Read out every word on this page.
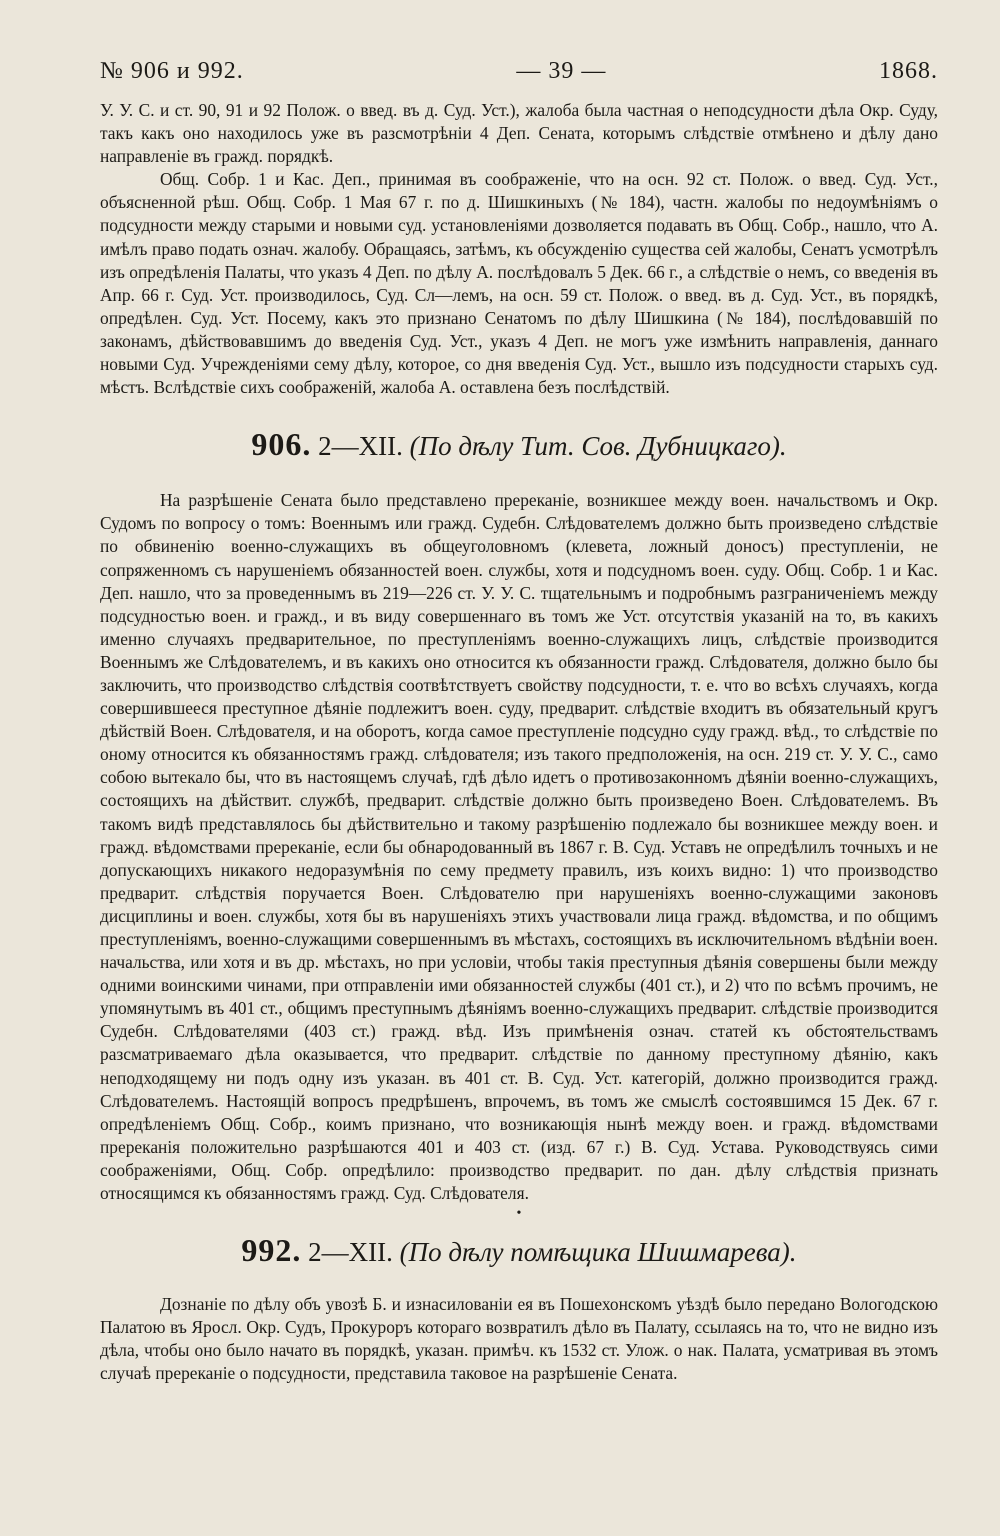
№ 906 и 992.	— 39 —	1868.

У. У. С. и ст. 90, 91 и 92 Полож. о введ. въ д. Суд. Уст.), жалоба была частная о неподсудности дѣла Окр. Суду, такъ какъ оно находилось уже въ разсмотрѣніи 4 Деп. Сената, которымъ слѣдствіе отмѣнено и дѣлу дано направленіе въ гражд. порядкѣ.

Общ. Собр. 1 и Кас. Деп., принимая въ соображеніе, что на осн. 92 ст. Полож. о введ. Суд. Уст., объясненной рѣш. Общ. Собр. 1 Мая 67 г. по д. Шишкиныхъ (№ 184), частн. жалобы по недоумѣніямъ о подсудности между старыми и новыми суд. установленіями дозволяется подавать въ Общ. Собр., нашло, что А. имѣлъ право подать означ. жалобу. Обращаясь, затѣмъ, къ обсужденію существа сей жалобы, Сенатъ усмотрѣлъ изъ опредѣленія Палаты, что указъ 4 Деп. по дѣлу А. послѣдовалъ 5 Дек. 66 г., а слѣдствіе о немъ, со введенія въ Апр. 66 г. Суд. Уст. производилось, Суд. Сл—лемъ, на осн. 59 ст. Полож. о введ. въ д. Суд. Уст., въ порядкѣ, опредѣлен. Суд. Уст. Посему, какъ это признано Сенатомъ по дѣлу Шишкина (№ 184), послѣдовавшій по законамъ, дѣйствовавшимъ до введенія Суд. Уст., указъ 4 Деп. не могъ уже измѣнить направленія, даннаго новыми Суд. Учрежденіями сему дѣлу, которое, со дня введенія Суд. Уст., вышло изъ подсудности старыхъ суд. мѣстъ. Вслѣдствіе сихъ соображеній, жалоба А. оставлена безъ послѣдствій.

906. 2—XII. (По дѣлу Тит. Сов. Дубницкаго).

На разрѣшеніе Сената было представлено пререканіе, возникшее между воен. начальствомъ и Окр. Судомъ по вопросу о томъ: Военнымъ или гражд. Судебн. Слѣдователемъ должно быть произведено слѣдствіе по обвиненію военно-служащихъ въ общеуголовномъ (клевета, ложный доносъ) преступленіи, не сопряженномъ съ нарушеніемъ обязанностей воен. службы, хотя и подсудномъ воен. суду. Общ. Собр. 1 и Кас. Деп. нашло, что за проведеннымъ въ 219—226 ст. У. У. С. тщательнымъ и подробнымъ разграниченіемъ между подсудностью воен. и гражд., и въ виду совершеннаго въ томъ же Уст. отсутствія указаній на то, въ какихъ именно случаяхъ предварительное, по преступленіямъ военно-служащихъ лицъ, слѣдствіе производится Военнымъ же Слѣдователемъ, и въ какихъ оно относится къ обязанности гражд. Слѣдователя, должно было бы заключить, что производство слѣдствія соотвѣтствуетъ свойству подсудности, т. е. что во всѣхъ случаяхъ, когда совершившееся преступное дѣяніе подлежитъ воен. суду, предварит. слѣдствіе входитъ въ обязательный кругъ дѣйствій Воен. Слѣдователя, и на оборотъ, когда самое преступленіе подсудно суду гражд. вѣд., то слѣдствіе по оному относится къ обязанностямъ гражд. слѣдователя; изъ такого предположенія, на осн. 219 ст. У. У. С., само собою вытекало бы, что въ настоящемъ случаѣ, гдѣ дѣло идетъ о противозаконномъ дѣяніи военно-служащихъ, состоящихъ на дѣйствит. службѣ, предварит. слѣдствіе должно быть произведено Воен. Слѣдователемъ. Въ такомъ видѣ представлялось бы дѣйствительно и такому разрѣшенію подлежало бы возникшее между воен. и гражд. вѣдомствами пререканіе, если бы обнародованный въ 1867 г. В. Суд. Уставъ не опредѣлилъ точныхъ и не допускающихъ никакого недоразумѣнія по сему предмету правилъ, изъ коихъ видно: 1) что производство предварит. слѣдствія поручается Воен. Слѣдователю при нарушеніяхъ военно-служащими законовъ дисциплины и воен. службы, хотя бы въ нарушеніяхъ этихъ участвовали лица гражд. вѣдомства, и по общимъ преступленіямъ, военно-служащими совершеннымъ въ мѣстахъ, состоящихъ въ исключительномъ вѣдѣніи воен. начальства, или хотя и въ др. мѣстахъ, но при условіи, чтобы такія преступныя дѣянія совершены были между одними воинскими чинами, при отправленіи ими обязанностей службы (401 ст.), и 2) что по всѣмъ прочимъ, не упомянутымъ въ 401 ст., общимъ преступнымъ дѣяніямъ военно-служащихъ предварит. слѣдствіе производится Судебн. Слѣдователями (403 ст.) гражд. вѣд. Изъ примѣненія означ. статей къ обстоятельствамъ разсматриваемаго дѣла оказывается, что предварит. слѣдствіе по данному преступному дѣянію, какъ неподходящему ни подъ одну изъ указан. въ 401 ст. В. Суд. Уст. категорій, должно производится гражд. Слѣдователемъ. Настоящій вопросъ предрѣшенъ, впрочемъ, въ томъ же смыслѣ состоявшимся 15 Дек. 67 г. опредѣленіемъ Общ. Собр., коимъ признано, что возникающія нынѣ между воен. и гражд. вѣдомствами пререканія положительно разрѣшаются 401 и 403 ст. (изд. 67 г.) В. Суд. Устава. Руководствуясь сими соображеніями, Общ. Собр. опредѣлило: производство предварит. по дан. дѣлу слѣдствія признать относящимся къ обязанностямъ гражд. Суд. Слѣдователя.

•
992. 2—XII. (По дѣлу помѣщика Шишмарева).

Дознаніе по дѣлу объ увозѣ Б. и изнасилованіи ея въ Пошехонскомъ уѣздѣ было передано Вологодскою Палатою въ Яросл. Окр. Судъ, Прокуроръ котораго возвратилъ дѣло въ Палату, ссылаясь на то, что не видно изъ дѣла, чтобы оно было начато въ порядкѣ, указан. примѣч. къ 1532 ст. Улож. о нак. Палата, усматривая въ этомъ случаѣ пререканіе о подсудности, представила таковое на разрѣшеніе Сената.
